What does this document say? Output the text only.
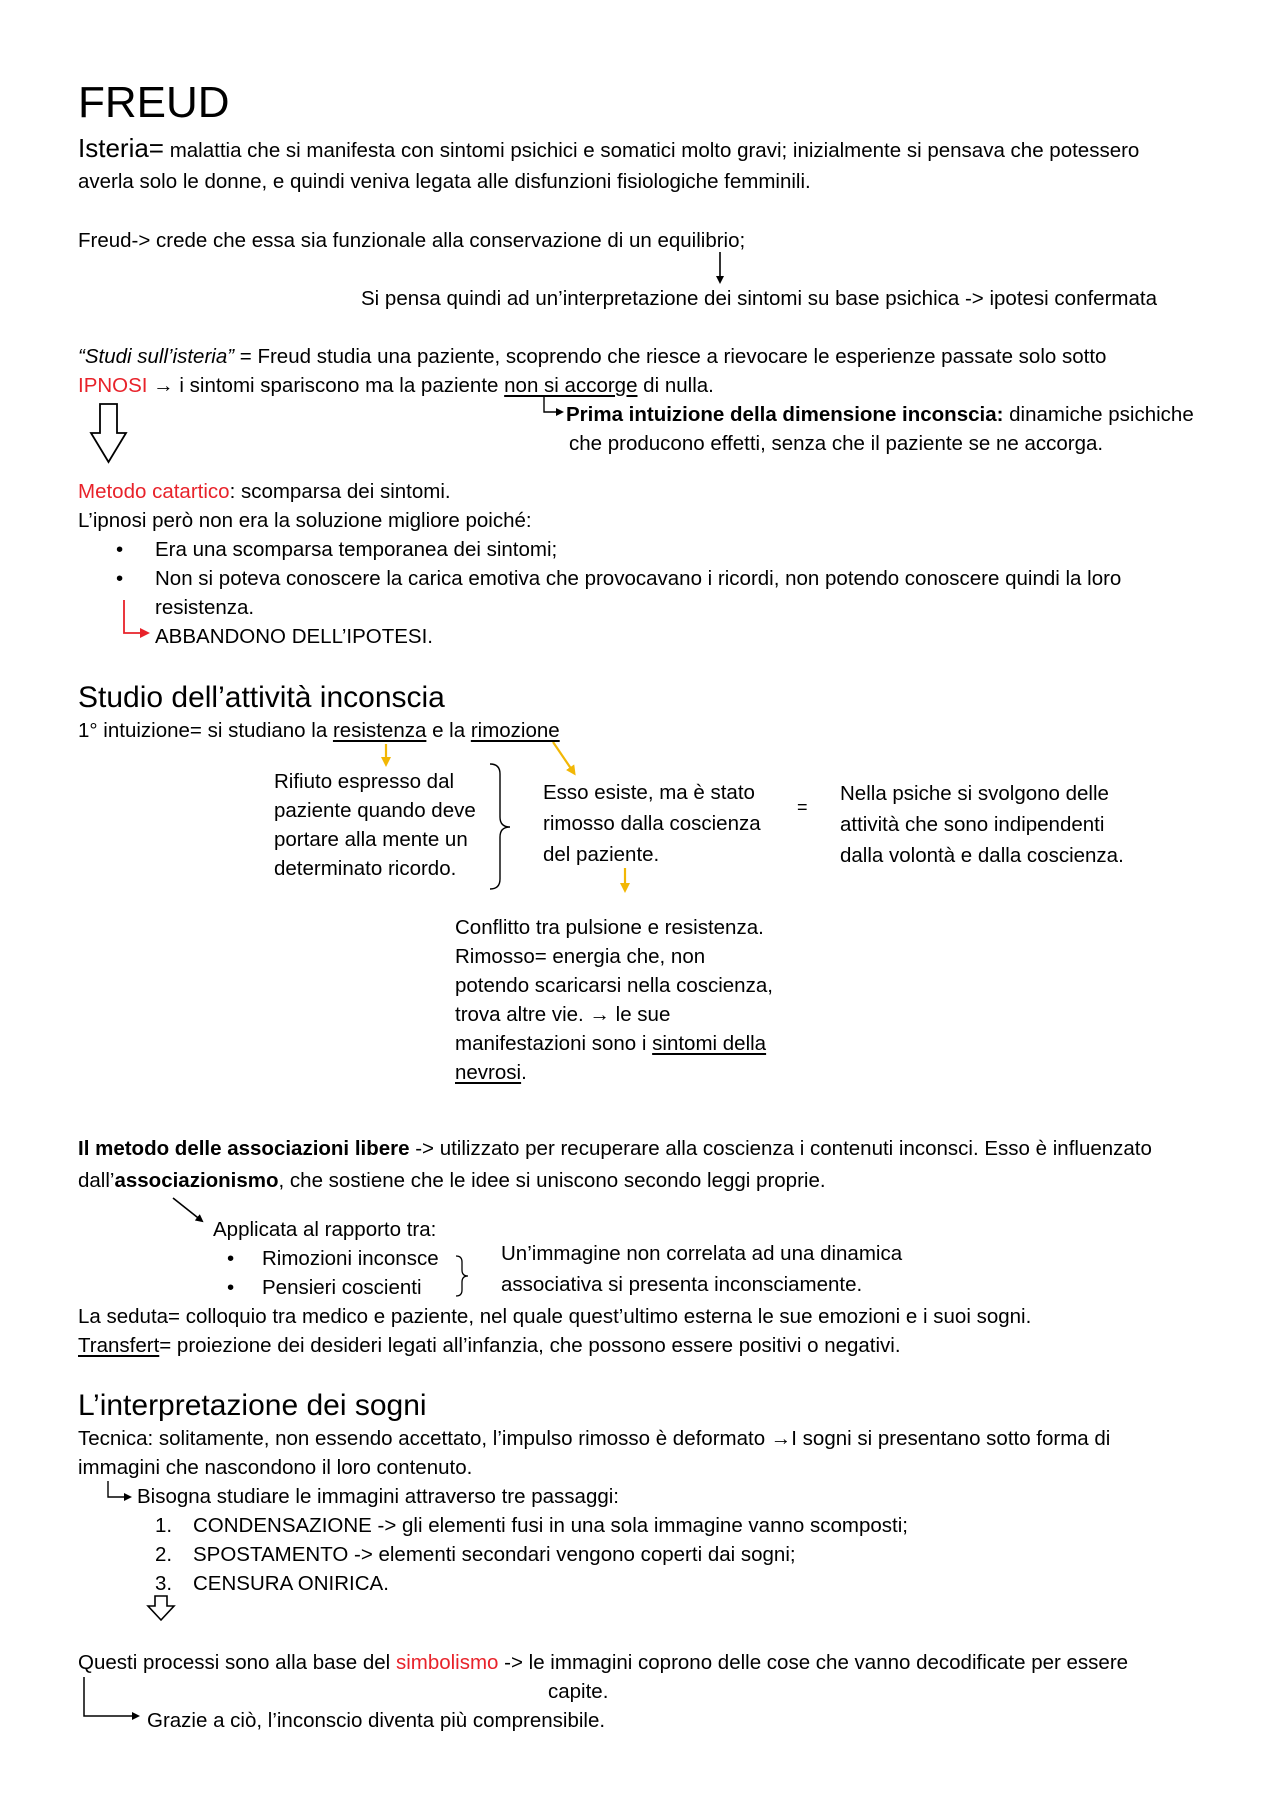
FREUD
Isteria= malattia che si manifesta con sintomi psichici e somatici molto gravi; inizialmente si pensava che potessero
averla solo le donne, e quindi veniva legata alle disfunzioni fisiologiche femminili.
Freud-> crede che essa sia funzionale alla conservazione di un equilibrio;
Si pensa quindi ad un’interpretazione dei sintomi su base psichica -> ipotesi confermata
“Studi sull’isteria” = Freud studia una paziente, scoprendo che riesce a rievocare le esperienze passate solo sotto
IPNOSI → i sintomi spariscono ma la paziente non si accorge di nulla.
Prima intuizione della dimensione inconscia: dinamiche psichiche
che producono effetti, senza che il paziente se ne accorga.
Metodo catartico: scomparsa dei sintomi.
L’ipnosi però non era la soluzione migliore poiché:
• Era una scomparsa temporanea dei sintomi;
• Non si poteva conoscere la carica emotiva che provocavano i ricordi, non potendo conoscere quindi la loro
resistenza.
ABBANDONO DELL’IPOTESI.
Studio dell’attività inconscia
1° intuizione= si studiano la resistenza e la rimozione
Rifiuto espresso dal
paziente quando deve
portare alla mente un
determinato ricordo.
Esso esiste, ma è stato
rimosso dalla coscienza
del paziente.
=
Nella psiche si svolgono delle
attività che sono indipendenti
dalla volontà e dalla coscienza.
Conflitto tra pulsione e resistenza.
Rimosso= energia che, non
potendo scaricarsi nella coscienza,
trova altre vie. → le sue
manifestazioni sono i sintomi della
nevrosi.
Il metodo delle associazioni libere -> utilizzato per recuperare alla coscienza i contenuti inconsci. Esso è influenzato
dall’associazionismo, che sostiene che le idee si uniscono secondo leggi proprie.
Applicata al rapporto tra:
• Rimozioni inconsce
• Pensieri coscienti
Un’immagine non correlata ad una dinamica
associativa si presenta inconsciamente.
La seduta= colloquio tra medico e paziente, nel quale quest’ultimo esterna le sue emozioni e i suoi sogni.
Transfert= proiezione dei desideri legati all’infanzia, che possono essere positivi o negativi.
L’interpretazione dei sogni
Tecnica: solitamente, non essendo accettato, l’impulso rimosso è deformato →I sogni si presentano sotto forma di
immagini che nascondono il loro contenuto.
Bisogna studiare le immagini attraverso tre passaggi:
1. CONDENSAZIONE -> gli elementi fusi in una sola immagine vanno scomposti;
2. SPOSTAMENTO -> elementi secondari vengono coperti dai sogni;
3. CENSURA ONIRICA.
Questi processi sono alla base del simbolismo -> le immagini coprono delle cose che vanno decodificate per essere
capite.
Grazie a ciò, l’inconscio diventa più comprensibile.
